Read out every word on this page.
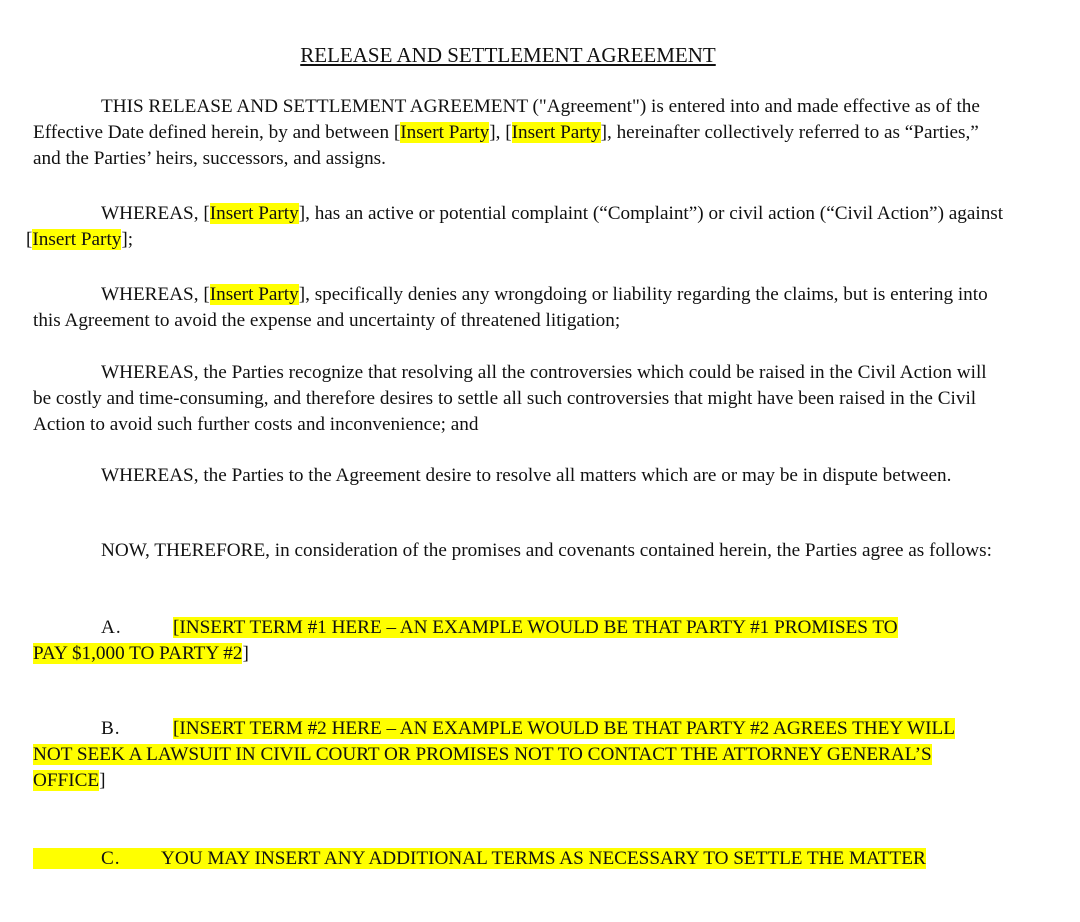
RELEASE AND SETTLEMENT AGREEMENT

THIS RELEASE AND SETTLEMENT AGREEMENT ("Agreement") is entered into and made effective as of the Effective Date defined herein, by and between [Insert Party], [Insert Party], hereinafter collectively referred to as “Parties,” and the Parties’ heirs, successors, and assigns.

WHEREAS, [Insert Party], has an active or potential complaint (“Complaint”) or civil action (“Civil Action”) against [Insert Party];

WHEREAS, [Insert Party], specifically denies any wrongdoing or liability regarding the claims, but is entering into this Agreement to avoid the expense and uncertainty of threatened litigation;

WHEREAS, the Parties recognize that resolving all the controversies which could be raised in the Civil Action will be costly and time-consuming, and therefore desires to settle all such controversies that might have been raised in the Civil Action to avoid such further costs and inconvenience; and

WHEREAS, the Parties to the Agreement desire to resolve all matters which are or may be in dispute between.

NOW, THEREFORE, in consideration of the promises and covenants contained herein, the Parties agree as follows:

A.	[INSERT TERM #1 HERE – AN EXAMPLE WOULD BE THAT PARTY #1 PROMISES TO PAY $1,000 TO PARTY #2]

B.	[INSERT TERM #2 HERE – AN EXAMPLE WOULD BE THAT PARTY #2 AGREES THEY WILL NOT SEEK A LAWSUIT IN CIVIL COURT OR PROMISES NOT TO CONTACT THE ATTORNEY GENERAL’S OFFICE]

C. YOU MAY INSERT ANY ADDITIONAL TERMS AS NECESSARY TO SETTLE THE MATTER
